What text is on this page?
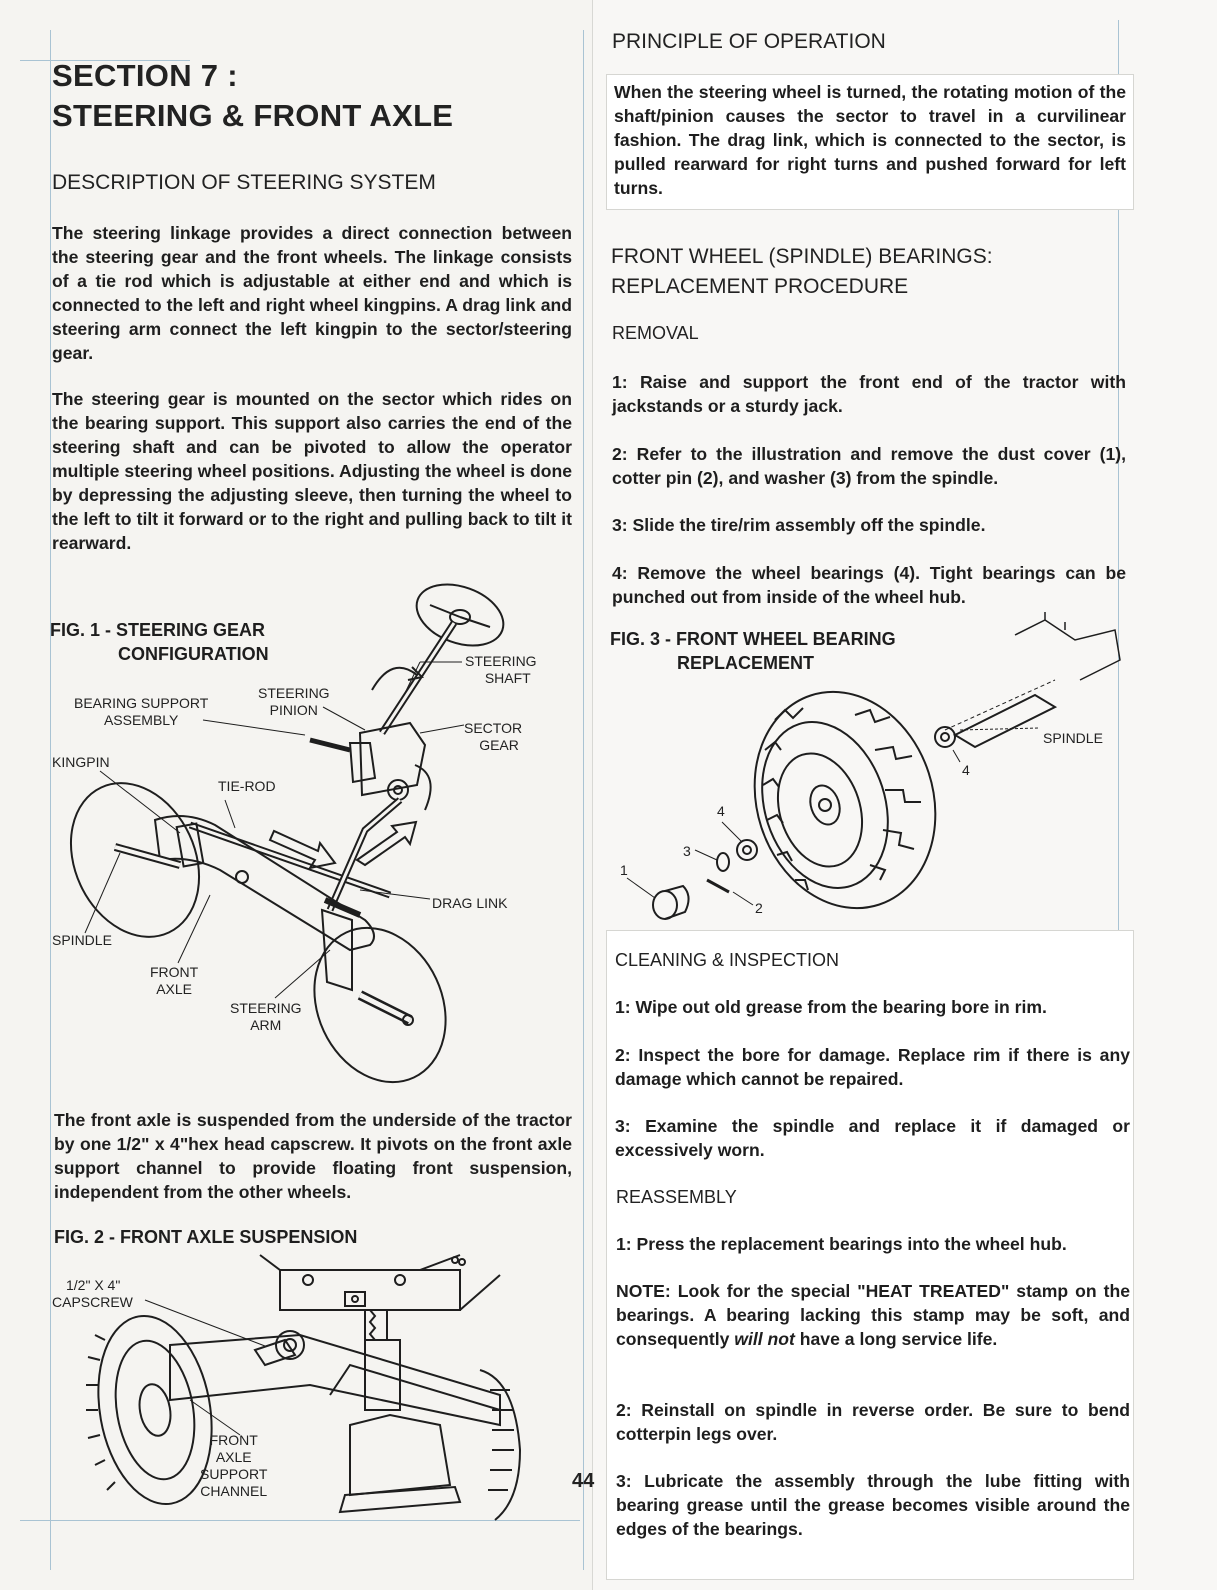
SECTION 7 :
STEERING & FRONT AXLE
DESCRIPTION OF STEERING SYSTEM

The steering linkage provides a direct connection between the steering gear and the front wheels. The linkage consists of a tie rod which is adjustable at either end and which is connected to the left and right wheel kingpins. A drag link and steering arm connect the left kingpin to the sector/steering gear.

The steering gear is mounted on the sector which rides on the bearing support. This support also carries the end of the steering shaft and can be pivoted to allow the operator multiple steering wheel positions. Adjusting the wheel is done by depressing the adjusting sleeve, then turning the wheel to the left to tilt it forward or to the right and pulling back to tilt it rearward.

FIG. 1 - STEERING GEAR
CONFIGURATION	STEERING
SHAFT
BEARING SUPPORT
ASSEMBLY
STEERING
PINION
SECTOR
GEAR
KINGPIN
TIE-ROD
DRAG LINK
SPINDLE
FRONT
AXLE
STEERING
ARM

The front axle is suspended from the underside of the tractor by one 1/2" x 4"hex head capscrew. It pivots on the front axle support channel to provide floating front suspension, independent from the other wheels.

FIG. 2 - FRONT AXLE SUSPENSION
1/2" X 4"
CAPSCREW
FRONT
AXLE
SUPPORT
CHANNEL	44
PRINCIPLE OF OPERATION

When the steering wheel is turned, the rotating motion of the shaft/pinion causes the sector to travel in a curvilinear fashion. The drag link, which is connected to the sector, is pulled rearward for right turns and pushed forward for left turns.

FRONT WHEEL (SPINDLE) BEARINGS:
REPLACEMENT PROCEDURE
REMOVAL

1: Raise and support the front end of the tractor with jackstands or a sturdy jack.

2: Refer to the illustration and remove the dust cover (1), cotter pin (2), and washer (3) from the spindle.

3: Slide the tire/rim assembly off the spindle.

4: Remove the wheel bearings (4). Tight bearings can be punched out from inside of the wheel hub.

FIG. 3 - FRONT WHEEL BEARING
REPLACEMENT
SPINDLE
4
4
3
1
2
CLEANING & INSPECTION

1: Wipe out old grease from the bearing bore in rim.

2: Inspect the bore for damage. Replace rim if there is any damage which cannot be repaired.

3: Examine the spindle and replace it if damaged or excessively worn.

REASSEMBLY

1: Press the replacement bearings into the wheel hub.

NOTE: Look for the special "HEAT TREATED" stamp on the bearings. A bearing lacking this stamp may be soft, and consequently will not have a long service life.

2: Reinstall on spindle in reverse order. Be sure to bend cotterpin legs over.

3: Lubricate the assembly through the lube fitting with bearing grease until the grease becomes visible around the edges of the bearings.
